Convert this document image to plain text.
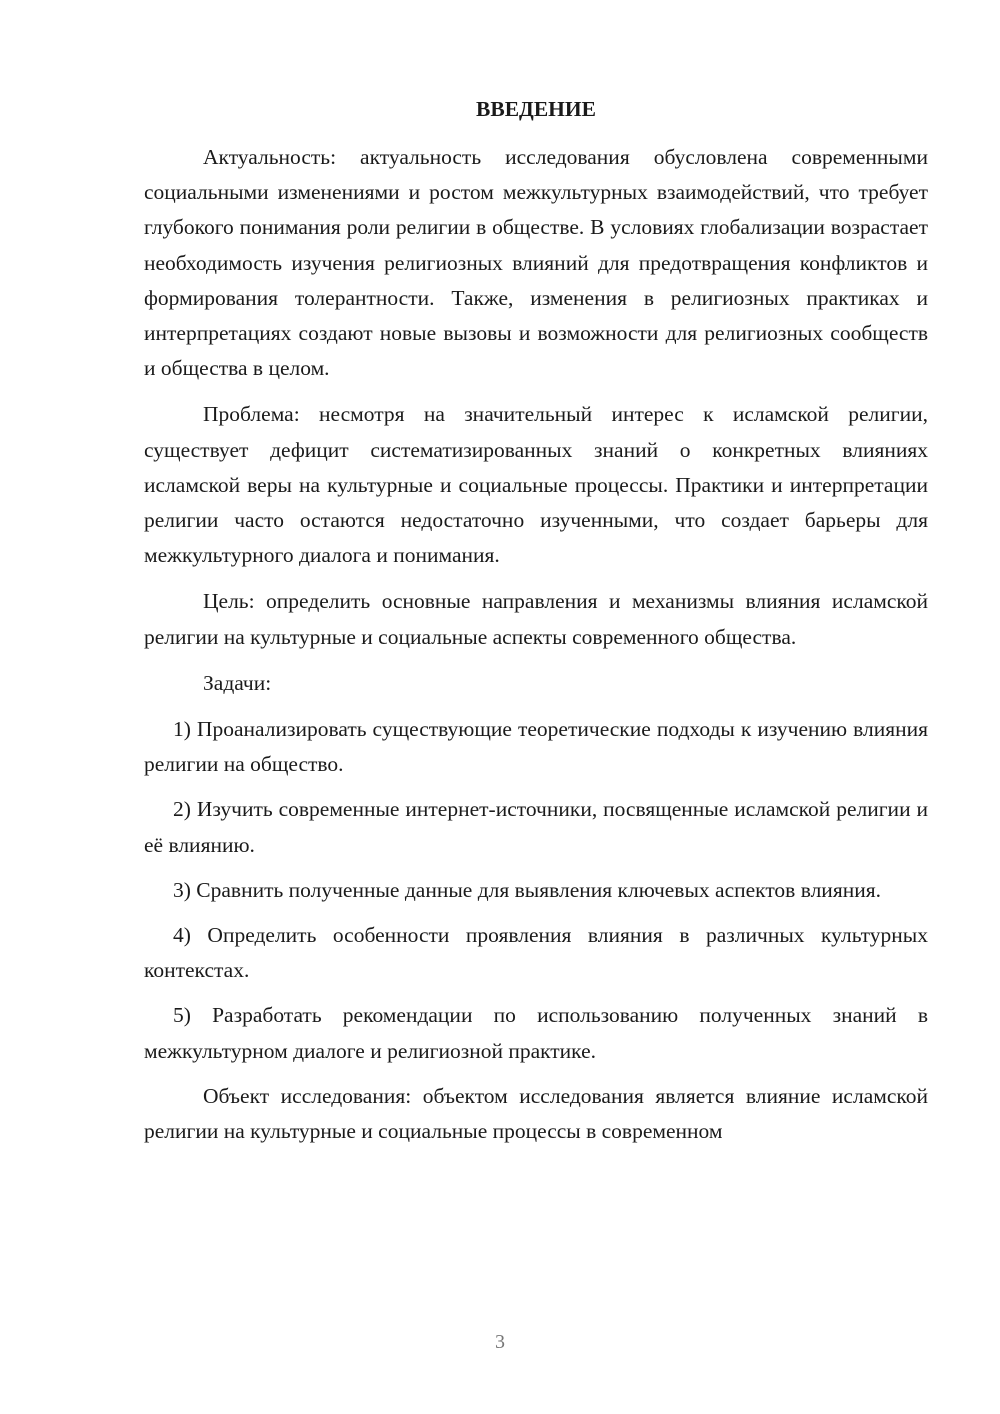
ВВЕДЕНИЕ

Актуальность: актуальность исследования обусловлена современными социальными изменениями и ростом межкультурных взаимодействий, что требует глубокого понимания роли религии в обществе. В условиях глобализации возрастает необходимость изучения религиозных влияний для предотвращения конфликтов и формирования толерантности. Также, изменения в религиозных практиках и интерпретациях создают новые вызовы и возможности для религиозных сообществ и общества в целом.

Проблема: несмотря на значительный интерес к исламской религии, существует дефицит систематизированных знаний о конкретных влияниях исламской веры на культурные и социальные процессы. Практики и интерпретации религии часто остаются недостаточно изученными, что создает барьеры для межкультурного диалога и понимания.

Цель: определить основные направления и механизмы влияния исламской религии на культурные и социальные аспекты современного общества.

Задачи:

1) Проанализировать существующие теоретические подходы к изучению влияния религии на общество.

2) Изучить современные интернет-источники, посвященные исламской религии и её влиянию.

3) Сравнить полученные данные для выявления ключевых аспектов влияния.

4) Определить особенности проявления влияния в различных культурных контекстах.

5) Разработать рекомендации по использованию полученных знаний в межкультурном диалоге и религиозной практике.

Объект исследования: объектом исследования является влияние исламской религии на культурные и социальные процессы в современном

3
